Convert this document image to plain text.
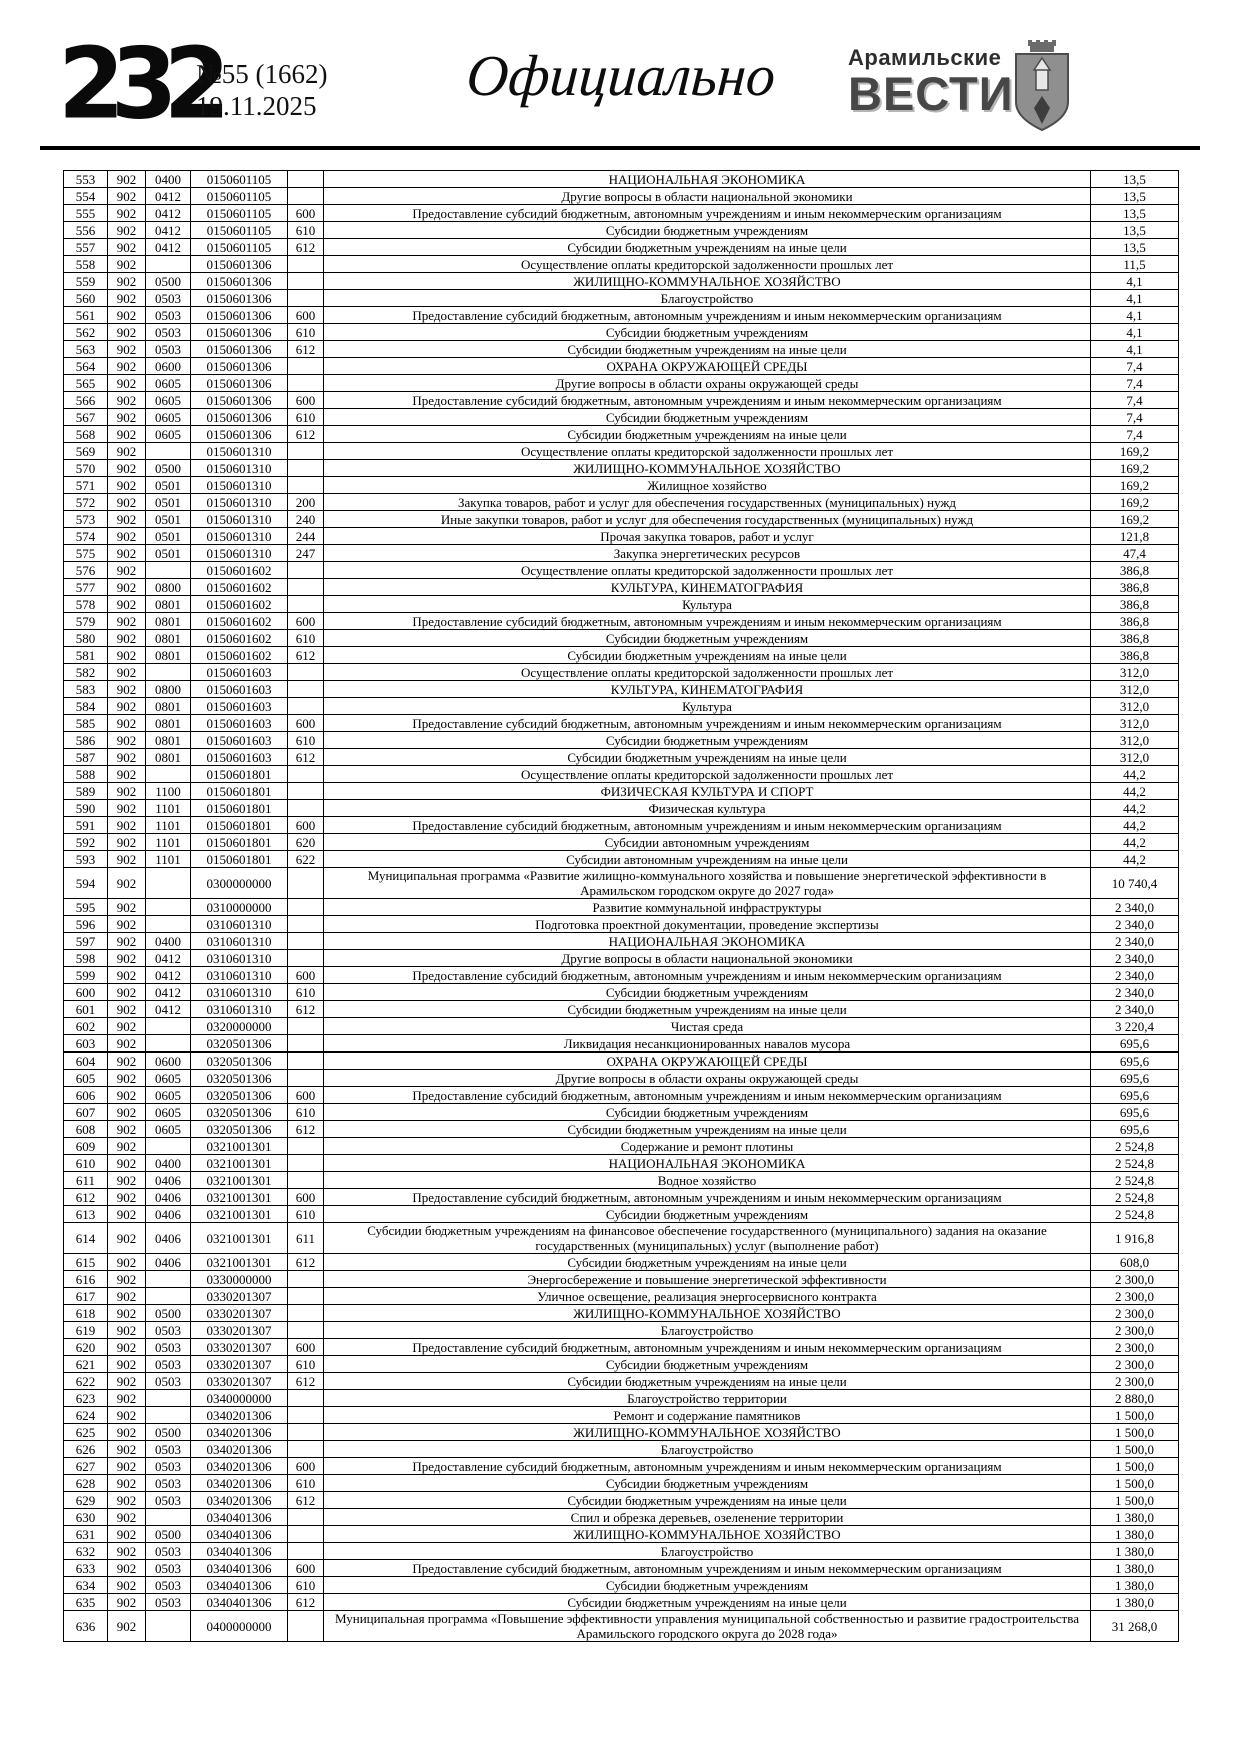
232
№55 (1662)
19.11.2025	Официально	Арамильские
ВЕСТИ
553	902	0400	0150601105		НАЦИОНАЛЬНАЯ ЭКОНОМИКА	13,5
554	902	0412	0150601105		Другие вопросы в области национальной экономики	13,5
555	902	0412	0150601105	600	Предоставление субсидий бюджетным, автономным учреждениям и иным некоммерческим организациям	13,5
556	902	0412	0150601105	610	Субсидии бюджетным учреждениям	13,5
557	902	0412	0150601105	612	Субсидии бюджетным учреждениям на иные цели	13,5
558	902		0150601306		Осуществление оплаты кредиторской задолженности прошлых лет	11,5
559	902	0500	0150601306		ЖИЛИЩНО-КОММУНАЛЬНОЕ ХОЗЯЙСТВО	4,1
560	902	0503	0150601306		Благоустройство	4,1
561	902	0503	0150601306	600	Предоставление субсидий бюджетным, автономным учреждениям и иным некоммерческим организациям	4,1
562	902	0503	0150601306	610	Субсидии бюджетным учреждениям	4,1
563	902	0503	0150601306	612	Субсидии бюджетным учреждениям на иные цели	4,1
564	902	0600	0150601306		ОХРАНА ОКРУЖАЮЩЕЙ СРЕДЫ	7,4
565	902	0605	0150601306		Другие вопросы в области охраны окружающей среды	7,4
566	902	0605	0150601306	600	Предоставление субсидий бюджетным, автономным учреждениям и иным некоммерческим организациям	7,4
567	902	0605	0150601306	610	Субсидии бюджетным учреждениям	7,4
568	902	0605	0150601306	612	Субсидии бюджетным учреждениям на иные цели	7,4
569	902		0150601310		Осуществление оплаты кредиторской задолженности прошлых лет	169,2
570	902	0500	0150601310		ЖИЛИЩНО-КОММУНАЛЬНОЕ ХОЗЯЙСТВО	169,2
571	902	0501	0150601310		Жилищное хозяйство	169,2
572	902	0501	0150601310	200	Закупка товаров, работ и услуг для обеспечения государственных (муниципальных) нужд	169,2
573	902	0501	0150601310	240	Иные закупки товаров, работ и услуг для обеспечения государственных (муниципальных) нужд	169,2
574	902	0501	0150601310	244	Прочая закупка товаров, работ и услуг	121,8
575	902	0501	0150601310	247	Закупка энергетических ресурсов	47,4
576	902		0150601602		Осуществление оплаты кредиторской задолженности прошлых лет	386,8
577	902	0800	0150601602		КУЛЬТУРА, КИНЕМАТОГРАФИЯ	386,8
578	902	0801	0150601602		Культура	386,8
579	902	0801	0150601602	600	Предоставление субсидий бюджетным, автономным учреждениям и иным некоммерческим организациям	386,8
580	902	0801	0150601602	610	Субсидии бюджетным учреждениям	386,8
581	902	0801	0150601602	612	Субсидии бюджетным учреждениям на иные цели	386,8
582	902		0150601603		Осуществление оплаты кредиторской задолженности прошлых лет	312,0
583	902	0800	0150601603		КУЛЬТУРА, КИНЕМАТОГРАФИЯ	312,0
584	902	0801	0150601603		Культура	312,0
585	902	0801	0150601603	600	Предоставление субсидий бюджетным, автономным учреждениям и иным некоммерческим организациям	312,0
586	902	0801	0150601603	610	Субсидии бюджетным учреждениям	312,0
587	902	0801	0150601603	612	Субсидии бюджетным учреждениям на иные цели	312,0
588	902		0150601801		Осуществление оплаты кредиторской задолженности прошлых лет	44,2
589	902	1100	0150601801		ФИЗИЧЕСКАЯ КУЛЬТУРА И СПОРТ	44,2
590	902	1101	0150601801		Физическая культура	44,2
591	902	1101	0150601801	600	Предоставление субсидий бюджетным, автономным учреждениям и иным некоммерческим организациям	44,2
592	902	1101	0150601801	620	Субсидии автономным учреждениям	44,2
593	902	1101	0150601801	622	Субсидии автономным учреждениям на иные цели	44,2
594	902		0300000000		Муниципальная программа «Развитие жилищно-коммунального хозяйства и повышение энергетической эффективности в Арамильском городском округе до 2027 года»	10 740,4
595	902		0310000000		Развитие коммунальной инфраструктуры	2 340,0
596	902		0310601310		Подготовка проектной документации, проведение экспертизы	2 340,0
597	902	0400	0310601310		НАЦИОНАЛЬНАЯ ЭКОНОМИКА	2 340,0
598	902	0412	0310601310		Другие вопросы в области национальной экономики	2 340,0
599	902	0412	0310601310	600	Предоставление субсидий бюджетным, автономным учреждениям и иным некоммерческим организациям	2 340,0
600	902	0412	0310601310	610	Субсидии бюджетным учреждениям	2 340,0
601	902	0412	0310601310	612	Субсидии бюджетным учреждениям на иные цели	2 340,0
602	902		0320000000		Чистая среда	3 220,4
603	902		0320501306		Ликвидация несанкционированных навалов мусора	695,6
604	902	0600	0320501306		ОХРАНА ОКРУЖАЮЩЕЙ СРЕДЫ	695,6
605	902	0605	0320501306		Другие вопросы в области охраны окружающей среды	695,6
606	902	0605	0320501306	600	Предоставление субсидий бюджетным, автономным учреждениям и иным некоммерческим организациям	695,6
607	902	0605	0320501306	610	Субсидии бюджетным учреждениям	695,6
608	902	0605	0320501306	612	Субсидии бюджетным учреждениям на иные цели	695,6
609	902		0321001301		Содержание и ремонт плотины	2 524,8
610	902	0400	0321001301		НАЦИОНАЛЬНАЯ ЭКОНОМИКА	2 524,8
611	902	0406	0321001301		Водное хозяйство	2 524,8
612	902	0406	0321001301	600	Предоставление субсидий бюджетным, автономным учреждениям и иным некоммерческим организациям	2 524,8
613	902	0406	0321001301	610	Субсидии бюджетным учреждениям	2 524,8
614	902	0406	0321001301	611	Субсидии бюджетным учреждениям на финансовое обеспечение государственного (муниципального) задания на оказание государственных (муниципальных) услуг (выполнение работ)	1 916,8
615	902	0406	0321001301	612	Субсидии бюджетным учреждениям на иные цели	608,0
616	902		0330000000		Энергосбережение и повышение энергетической эффективности	2 300,0
617	902		0330201307		Уличное освещение, реализация энергосервисного контракта	2 300,0
618	902	0500	0330201307		ЖИЛИЩНО-КОММУНАЛЬНОЕ ХОЗЯЙСТВО	2 300,0
619	902	0503	0330201307		Благоустройство	2 300,0
620	902	0503	0330201307	600	Предоставление субсидий бюджетным, автономным учреждениям и иным некоммерческим организациям	2 300,0
621	902	0503	0330201307	610	Субсидии бюджетным учреждениям	2 300,0
622	902	0503	0330201307	612	Субсидии бюджетным учреждениям на иные цели	2 300,0
623	902		0340000000		Благоустройство территории	2 880,0
624	902		0340201306		Ремонт и содержание памятников	1 500,0
625	902	0500	0340201306		ЖИЛИЩНО-КОММУНАЛЬНОЕ ХОЗЯЙСТВО	1 500,0
626	902	0503	0340201306		Благоустройство	1 500,0
627	902	0503	0340201306	600	Предоставление субсидий бюджетным, автономным учреждениям и иным некоммерческим организациям	1 500,0
628	902	0503	0340201306	610	Субсидии бюджетным учреждениям	1 500,0
629	902	0503	0340201306	612	Субсидии бюджетным учреждениям на иные цели	1 500,0
630	902		0340401306		Спил и обрезка деревьев, озеленение территории	1 380,0
631	902	0500	0340401306		ЖИЛИЩНО-КОММУНАЛЬНОЕ ХОЗЯЙСТВО	1 380,0
632	902	0503	0340401306		Благоустройство	1 380,0
633	902	0503	0340401306	600	Предоставление субсидий бюджетным, автономным учреждениям и иным некоммерческим организациям	1 380,0
634	902	0503	0340401306	610	Субсидии бюджетным учреждениям	1 380,0
635	902	0503	0340401306	612	Субсидии бюджетным учреждениям на иные цели	1 380,0
636	902		0400000000		Муниципальная программа «Повышение эффективности управления муниципальной собственностью и развитие градостроительства Арамильского городского округа до 2028 года»	31 268,0
